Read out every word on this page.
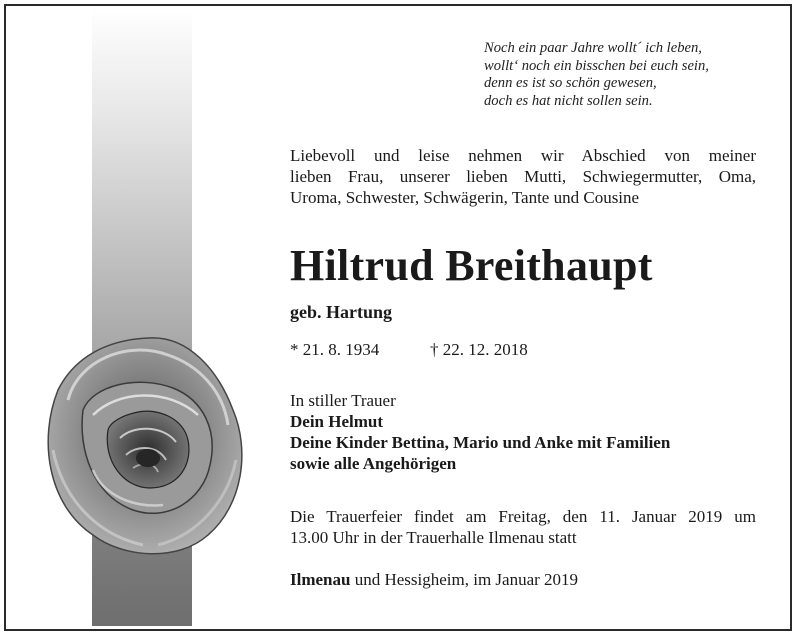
Noch ein paar Jahre wollt´ ich leben,
wollt‘ noch ein bisschen bei euch sein,
denn es ist so schön gewesen,
doch es hat nicht sollen sein.
Liebevoll und leise nehmen wir Abschied von meiner
lieben Frau, unserer lieben Mutti, Schwiegermutter, Oma,
Uroma, Schwester, Schwägerin, Tante und Cousine
Hiltrud Breithaupt
geb. Hartung
* 21. 8. 1934	† 22. 12. 2018
In stiller Trauer
Dein Helmut
Deine Kinder Bettina, Mario und Anke mit Familien
sowie alle Angehörigen
Die Trauerfeier findet am Freitag, den 11. Januar 2019 um
13.00 Uhr in der Trauerhalle Ilmenau statt
Ilmenau und Hessigheim, im Januar 2019
